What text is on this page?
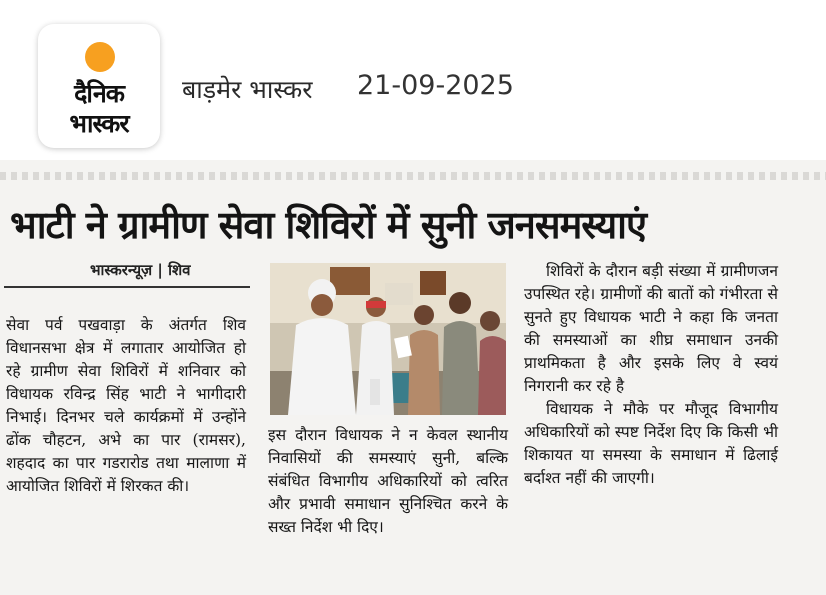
दैनिक
भास्कर
बाड़मेर भास्कर 21-09-2025
भाटी ने ग्रामीण सेवा शिविरों में सुनी जनसमस्याएं
भास्करन्यूज़ | शिव

सेवा पर्व पखवाड़ा के अंतर्गत शिव विधानसभा क्षेत्र में लगातार आयोजित हो रहे ग्रामीण सेवा शिविरों में शनिवार को विधायक रविन्द्र सिंह भाटी ने भागीदारी निभाई। दिनभर चले कार्यक्रमों में उन्होंने ढोंक चौहटन, अभे का पार (रामसर), शहदाद का पार गडरारोड तथा मालाणा में आयोजित शिविरों में शिरकत की।

इस दौरान विधायक ने न केवल स्थानीय निवासियों की समस्याएं सुनी, बल्कि संबंधित विभागीय अधिकारियों को त्वरित और प्रभावी समाधान सुनिश्चित करने के सख्त निर्देश भी दिए।

शिविरों के दौरान बड़ी संख्या में ग्रामीणजन उपस्थित रहे। ग्रामीणों की बातों को गंभीरता से सुनते हुए विधायक भाटी ने कहा कि जनता की समस्याओं का शीघ्र समाधान उनकी प्राथमिकता है और इसके लिए वे स्वयं निगरानी कर रहे है

विधायक ने मौके पर मौजूद विभागीय अधिकारियों को स्पष्ट निर्देश दिए कि किसी भी शिकायत या समस्या के समाधान में ढिलाई बर्दाश्त नहीं की जाएगी।
